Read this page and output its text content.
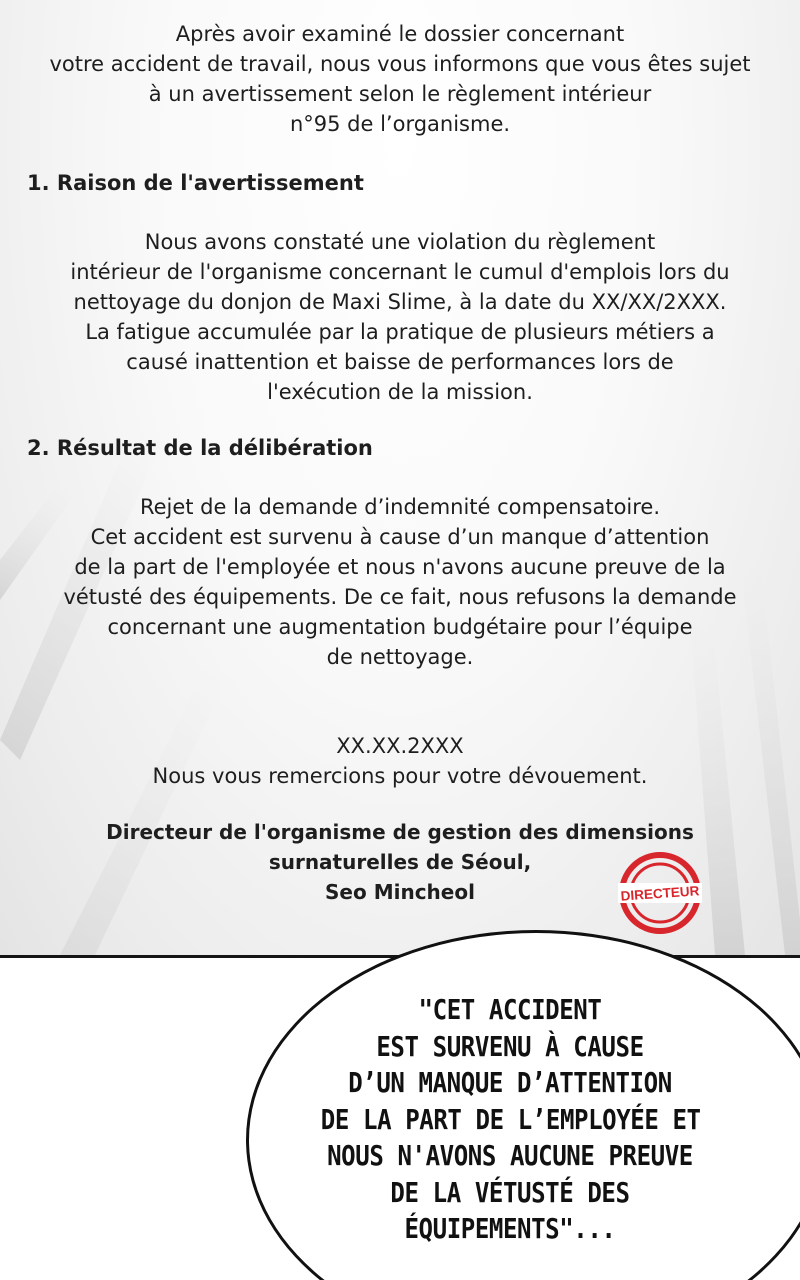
Après avoir examiné le dossier concernant
votre accident de travail, nous vous informons que vous êtes sujet
à un avertissement selon le règlement intérieur
n°95 de l’organisme.
1. Raison de l'avertissement
Nous avons constaté une violation du règlement
intérieur de l'organisme concernant le cumul d'emplois lors du
nettoyage du donjon de Maxi Slime, à la date du XX/XX/2XXX.
La fatigue accumulée par la pratique de plusieurs métiers a
causé inattention et baisse de performances lors de
l'exécution de la mission.
2. Résultat de la délibération
Rejet de la demande d’indemnité compensatoire.
Cet accident est survenu à cause d’un manque d’attention
de la part de l'employée et nous n'avons aucune preuve de la
vétusté des équipements. De ce fait, nous refusons la demande
concernant une augmentation budgétaire pour l’équipe
de nettoyage.
XX.XX.2XXX
Nous vous remercions pour votre dévouement.
Directeur de l'organisme de gestion des dimensions
surnaturelles de Séoul,
Seo Mincheol	DIRECTEUR
"CET ACCIDENT
EST SURVENU À CAUSE
D’UN MANQUE D’ATTENTION
DE LA PART DE L’EMPLOYÉE ET
NOUS N'AVONS AUCUNE PREUVE
DE LA VÉTUSTÉ DES
ÉQUIPEMENTS"...
